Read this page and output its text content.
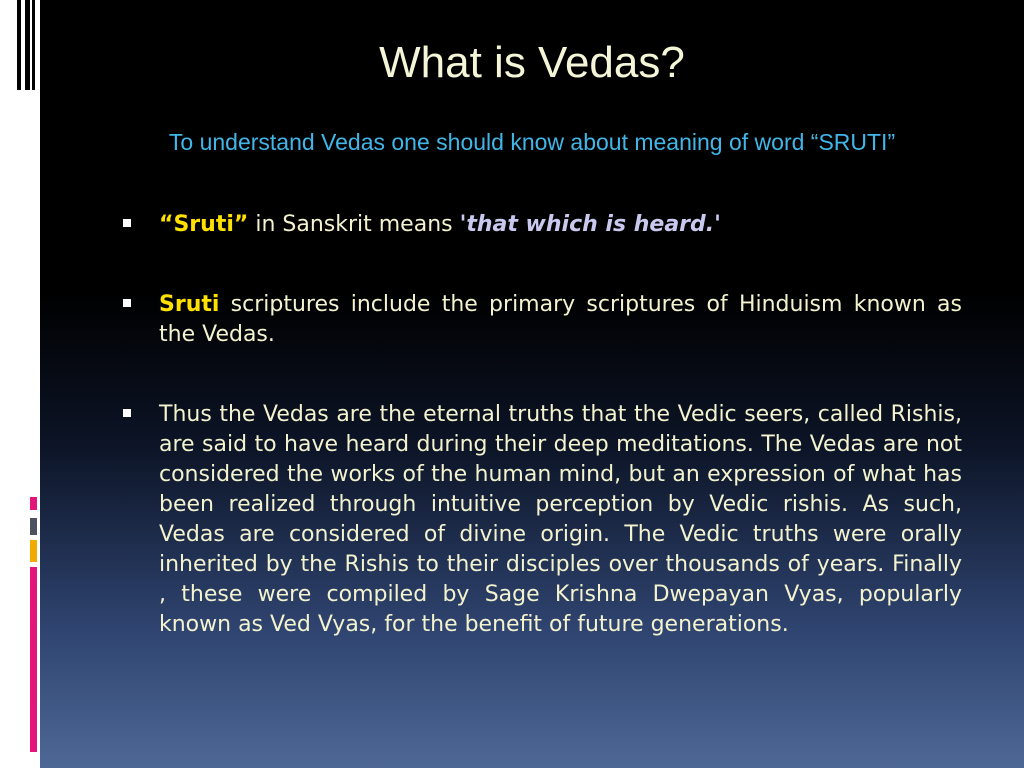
What is Vedas?
To understand Vedas one should know about meaning of word “SRUTI”
“Sruti” in Sanskrit means 'that which is heard.'
Sruti scriptures include the primary scriptures of Hinduism known as the Vedas.
Thus the Vedas are the eternal truths that the Vedic seers, called Rishis, are said to have heard during their deep meditations. The Vedas are not considered the works of the human mind, but an expression of what has been realized through intuitive perception by Vedic rishis. As such, Vedas are considered of divine origin. The Vedic truths were orally inherited by the Rishis to their disciples over thousands of years. Finally , these were compiled by Sage Krishna Dwepayan Vyas, popularly known as Ved Vyas, for the benefit of future generations.
